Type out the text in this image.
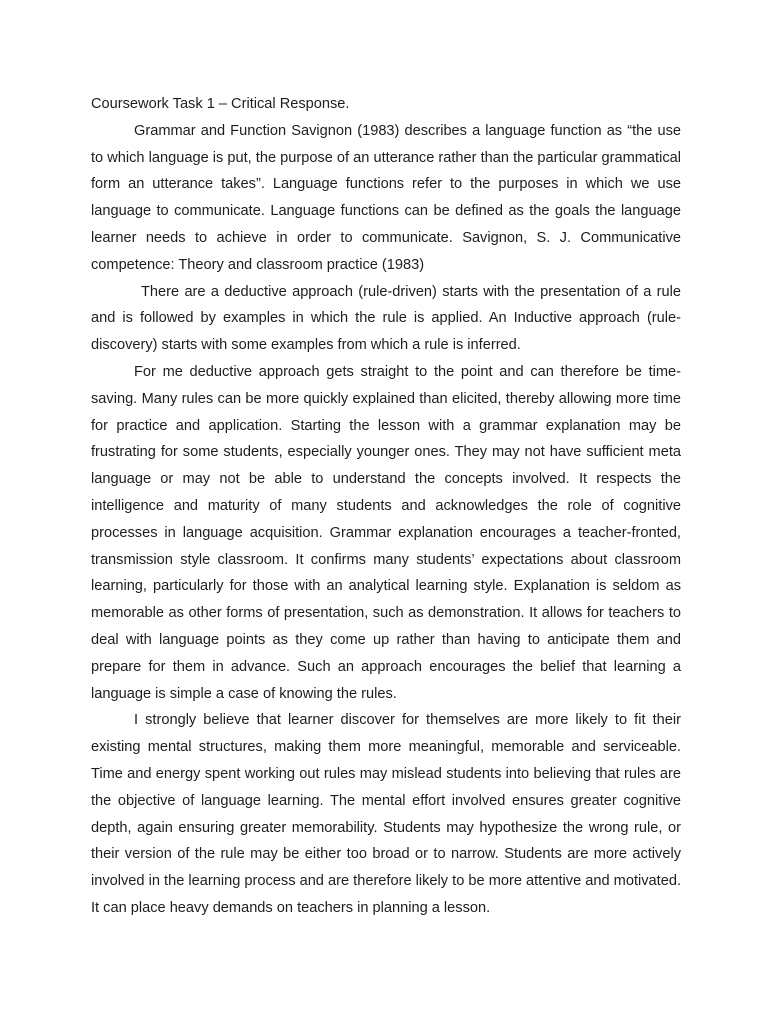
Coursework Task 1 – Critical Response.

Grammar and Function Savignon (1983) describes a language function as “the use to which language is put, the purpose of an utterance rather than the particular grammatical form an utterance takes”. Language functions refer to the purposes in which we use language to communicate. Language functions can be defined as the goals the language learner needs to achieve in order to communicate. Savignon, S. J. Communicative competence: Theory and classroom practice (1983)

There are a deductive approach (rule-driven) starts with the presentation of a rule and is followed by examples in which the rule is applied. An Inductive approach (rule-discovery) starts with some examples from which a rule is inferred.

For me deductive approach gets straight to the point and can therefore be time-saving. Many rules can be more quickly explained than elicited, thereby allowing more time for practice and application. Starting the lesson with a grammar explanation may be frustrating for some students, especially younger ones. They may not have sufficient meta language or may not be able to understand the concepts involved. It respects the intelligence and maturity of many students and acknowledges the role of cognitive processes in language acquisition. Grammar explanation encourages a teacher-fronted, transmission style classroom. It confirms many students’ expectations about classroom learning, particularly for those with an analytical learning style. Explanation is seldom as memorable as other forms of presentation, such as demonstration. It allows for teachers to deal with language points as they come up rather than having to anticipate them and prepare for them in advance. Such an approach encourages the belief that learning a language is simple a case of knowing the rules.

I strongly believe that learner discover for themselves are more likely to fit their existing mental structures, making them more meaningful, memorable and serviceable. Time and energy spent working out rules may mislead students into believing that rules are the objective of language learning. The mental effort involved ensures greater cognitive depth, again ensuring greater memorability. Students may hypothesize the wrong rule, or their version of the rule may be either too broad or to narrow. Students are more actively involved in the learning process and are therefore likely to be more attentive and motivated. It can place heavy demands on teachers in planning a lesson.
